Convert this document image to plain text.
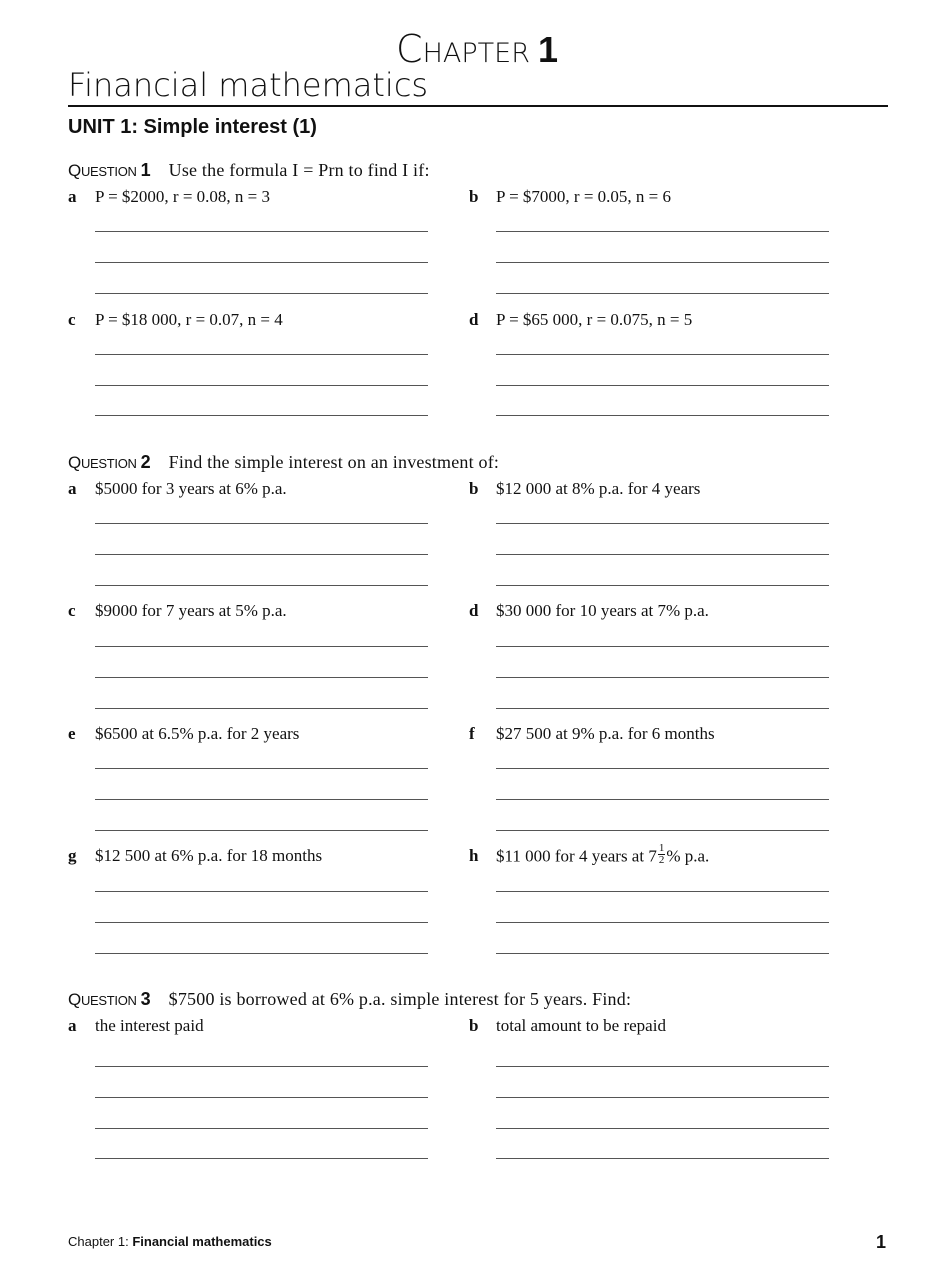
CHAPTER 1
Financial mathematics
UNIT 1: Simple interest (1)
QUESTION 1 Use the formula I = Prn to find I if:
a P = $2000, r = 0.08, n = 3	b P = $7000, r = 0.05, n = 6
c P = $18 000, r = 0.07, n = 4	d P = $65 000, r = 0.075, n = 5
QUESTION 2 Find the simple interest on an investment of:
a $5000 for 3 years at 6% p.a.	b $12 000 at 8% p.a. for 4 years
c $9000 for 7 years at 5% p.a.	d $30 000 for 10 years at 7% p.a.
e $6500 at 6.5% p.a. for 2 years	f $27 500 at 9% p.a. for 6 months
g $12 500 at 6% p.a. for 18 months	h $11 000 for 4 years at $7 \frac{1}{2}$ % p.a.
QUESTION 3 $7500 is borrowed at 6% p.a. simple interest for 5 years. Find:
a the interest paid	b total amount to be repaid
Chapter 1: Financial mathematics	1
